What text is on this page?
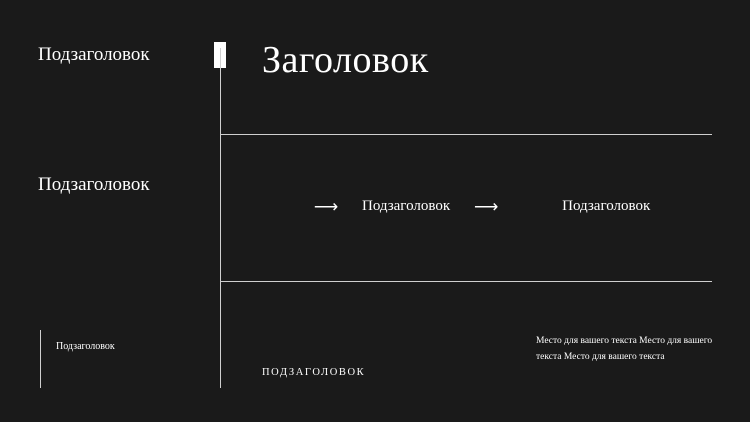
Подзаголовок	Заголовок
Подзаголовок
⟶	Подзаголовок	⟶	Подзаголовок
Подзаголовок	Место для вашего текста Место для вашего текста Место для вашего текста
ПОДЗАГОЛОВОК
